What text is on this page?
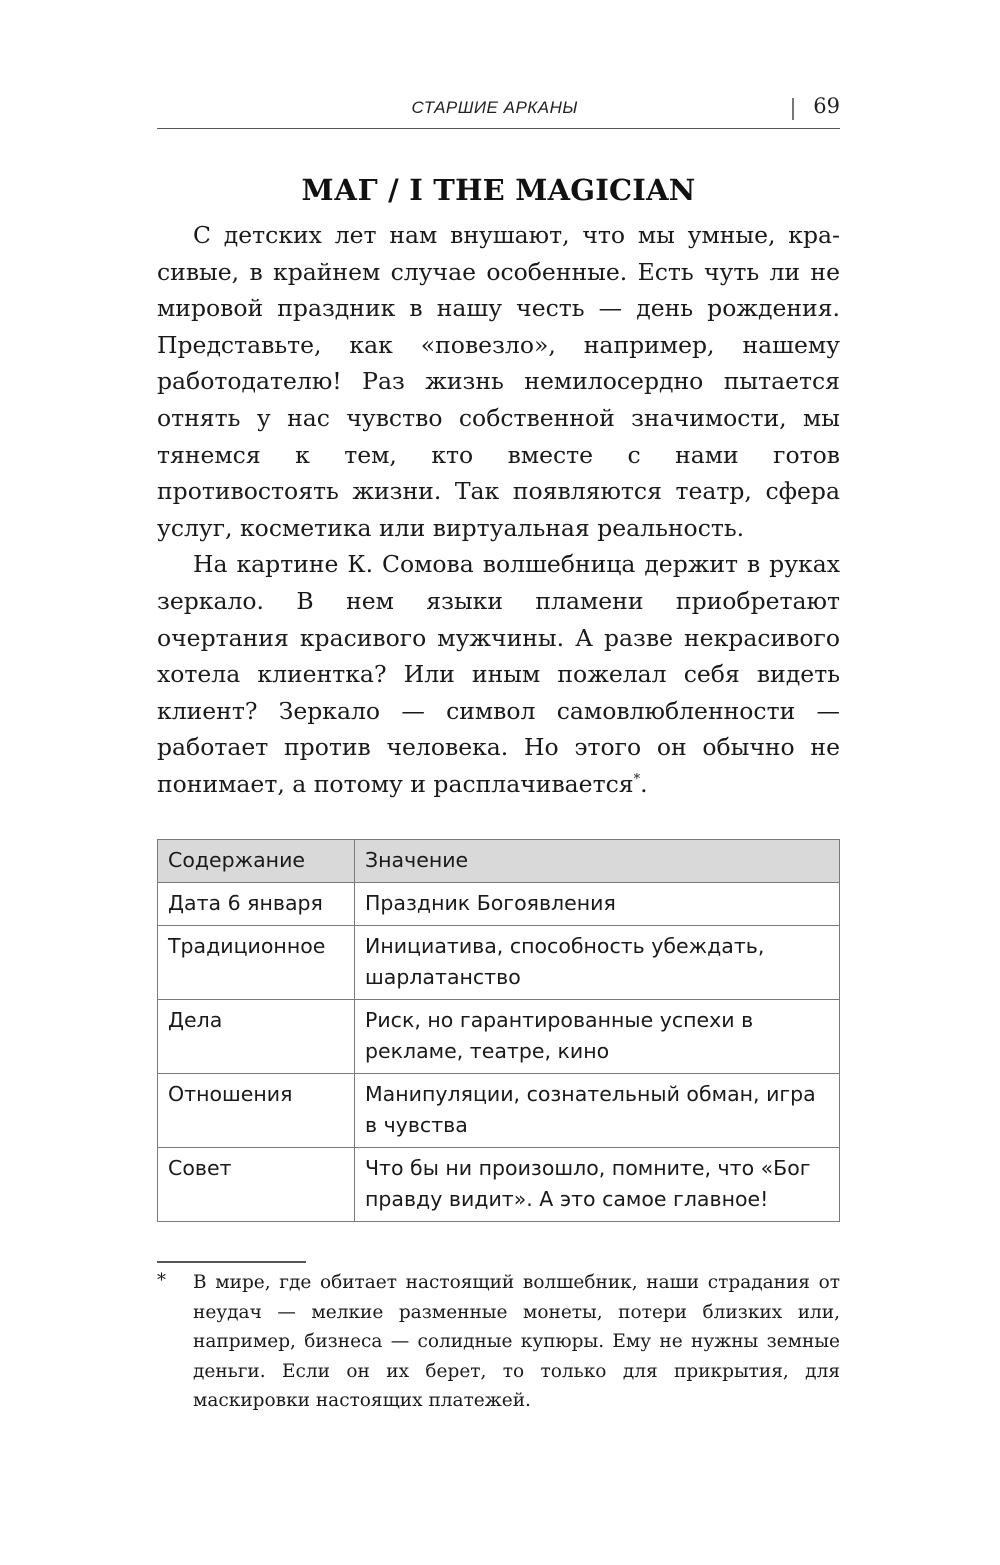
СТАРШИЕ АРКАНЫ	69
МАГ / I THE MAGICIAN

С детских лет нам внушают, что мы умные, красивые, в крайнем случае особенные. Есть чуть ли не мировой праздник в нашу честь — день рождения. Представьте, как «повезло», например, нашему работодателю! Раз жизнь немилосердно пытается отнять у нас чувство собственной значимости, мы тянемся к тем, кто вместе с нами готов противостоять жизни. Так появляются театр, сфера услуг, косметика или виртуальная реальность.

На картине К. Сомова волшебница держит в руках зеркало. В нем языки пламени приобретают очертания красивого мужчины. А разве некрасивого хотела клиентка? Или иным пожелал себя видеть клиент? Зеркало — символ самовлюбленности — работает против человека. Но этого он обычно не понимает, а потому и расплачивается*.

Содержание	Значение
Дата 6 января	Праздник Богоявления
Традиционное	Инициатива, способность убеждать, шарлатанство
Дела	Риск, но гарантированные успехи в рекламе, театре, кино
Отношения	Манипуляции, сознательный обман, игра в чувства
Совет	Что бы ни произошло, помните, что «Бог правду видит». А это самое главное!
* В мире, где обитает настоящий волшебник, наши страдания от неудач — мелкие разменные монеты, потери близких или, например, бизнеса — солидные купюры. Ему не нужны земные деньги. Если он их берет, то только для прикрытия, для маскировки настоящих платежей.
